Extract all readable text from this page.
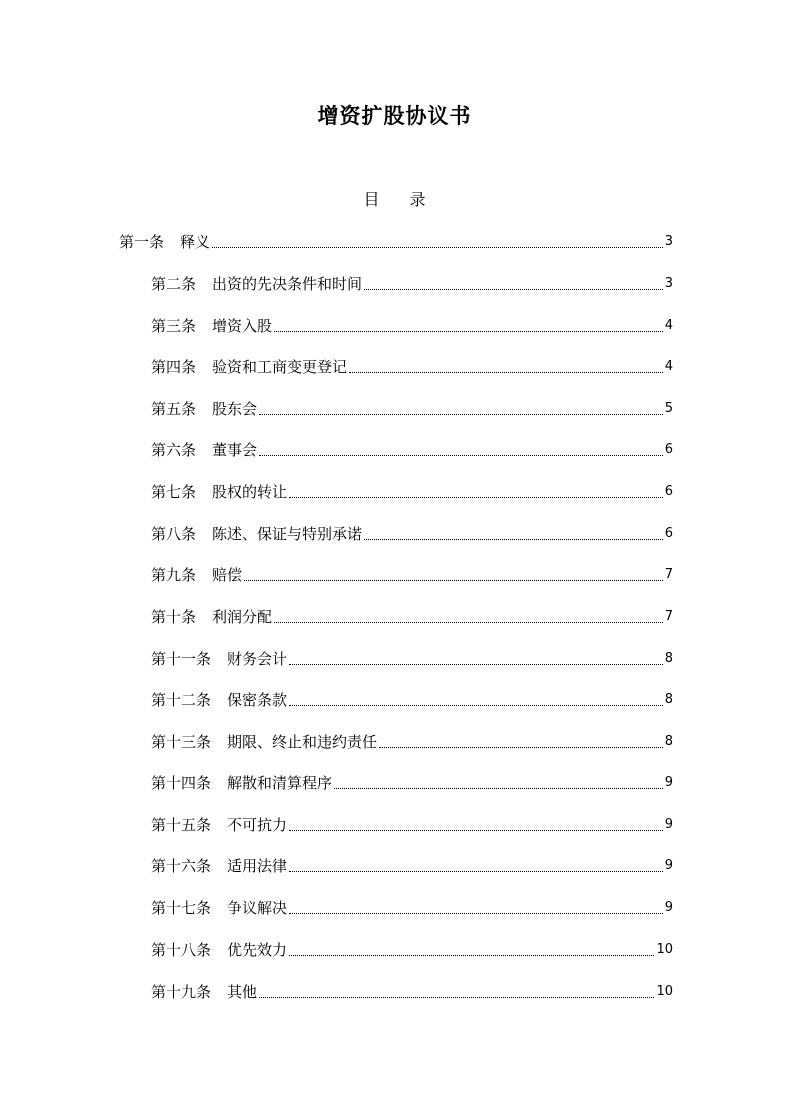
增资扩股协议书
目 录
第一条 释义	3
第二条 出资的先决条件和时间	3
第三条 增资入股	4
第四条 验资和工商变更登记	4
第五条 股东会	5
第六条 董事会	6
第七条 股权的转让	6
第八条 陈述、保证与特别承诺	6
第九条 赔偿	7
第十条 利润分配	7
第十一条 财务会计	8
第十二条 保密条款	8
第十三条 期限、终止和违约责任	8
第十四条 解散和清算程序	9
第十五条 不可抗力	9
第十六条 适用法律	9
第十七条 争议解决	9
第十八条 优先效力	10
第十九条 其他	10
